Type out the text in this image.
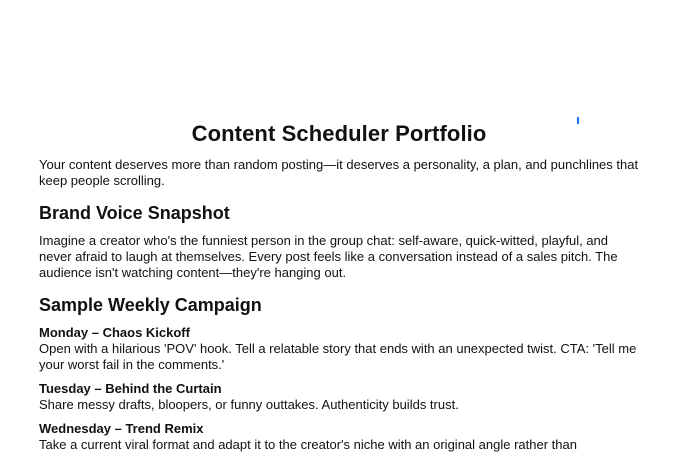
Content Scheduler Portfolio

Your content deserves more than random posting—it deserves a personality, a plan, and punchlines that keep people scrolling.

Brand Voice Snapshot

Imagine a creator who's the funniest person in the group chat: self-aware, quick-witted, playful, and never afraid to laugh at themselves. Every post feels like a conversation instead of a sales pitch. The audience isn't watching content—they're hanging out.

Sample Weekly Campaign

Monday – Chaos Kickoff

Open with a hilarious 'POV' hook. Tell a relatable story that ends with an unexpected twist. CTA: 'Tell me your worst fail in the comments.'

Tuesday – Behind the Curtain

Share messy drafts, bloopers, or funny outtakes. Authenticity builds trust.

Wednesday – Trend Remix

Take a current viral format and adapt it to the creator's niche with an original angle rather than
